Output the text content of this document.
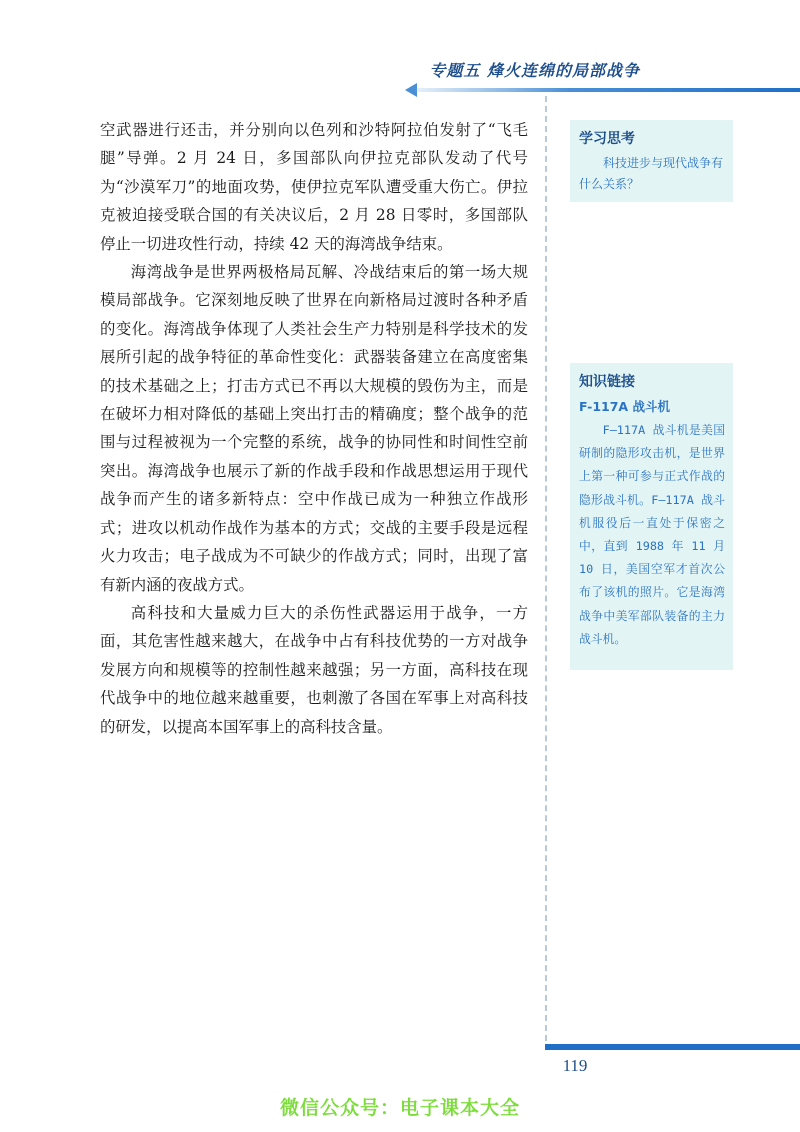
专题五 烽火连绵的局部战争

空武器进行还击，并分别向以色列和沙特阿拉伯发射了“飞毛腿”导弹。2 月 24 日，多国部队向伊拉克部队发动了代号为“沙漠军刀”的地面攻势，使伊拉克军队遭受重大伤亡。伊拉克被迫接受联合国的有关决议后，2 月 28 日零时，多国部队停止一切进攻性行动，持续 42 天的海湾战争结束。

海湾战争是世界两极格局瓦解、冷战结束后的第一场大规模局部战争。它深刻地反映了世界在向新格局过渡时各种矛盾的变化。海湾战争体现了人类社会生产力特别是科学技术的发展所引起的战争特征的革命性变化：武器装备建立在高度密集的技术基础之上；打击方式已不再以大规模的毁伤为主，而是在破坏力相对降低的基础上突出打击的精确度；整个战争的范围与过程被视为一个完整的系统，战争的协同性和时间性空前突出。海湾战争也展示了新的作战手段和作战思想运用于现代战争而产生的诸多新特点：空中作战已成为一种独立作战形式；进攻以机动作战作为基本的方式；交战的主要手段是远程火力攻击；电子战成为不可缺少的作战方式；同时，出现了富有新内涵的夜战方式。

高科技和大量威力巨大的杀伤性武器运用于战争，一方面，其危害性越来越大，在战争中占有科技优势的一方对战争发展方向和规模等的控制性越来越强；另一方面，高科技在现代战争中的地位越来越重要，也刺激了各国在军事上对高科技的研发，以提高本国军事上的高科技含量。

学习思考
科技进步与现代战争有什么关系？
知识链接
F-117A 战斗机
F–117A 战斗机是美国研制的隐形攻击机，是世界上第一种可参与正式作战的隐形战斗机。F–117A 战斗机服役后一直处于保密之中，直到 1988 年 11 月 10 日，美国空军才首次公布了该机的照片。它是海湾战争中美军部队装备的主力战斗机。
119
微信公众号：电子课本大全
